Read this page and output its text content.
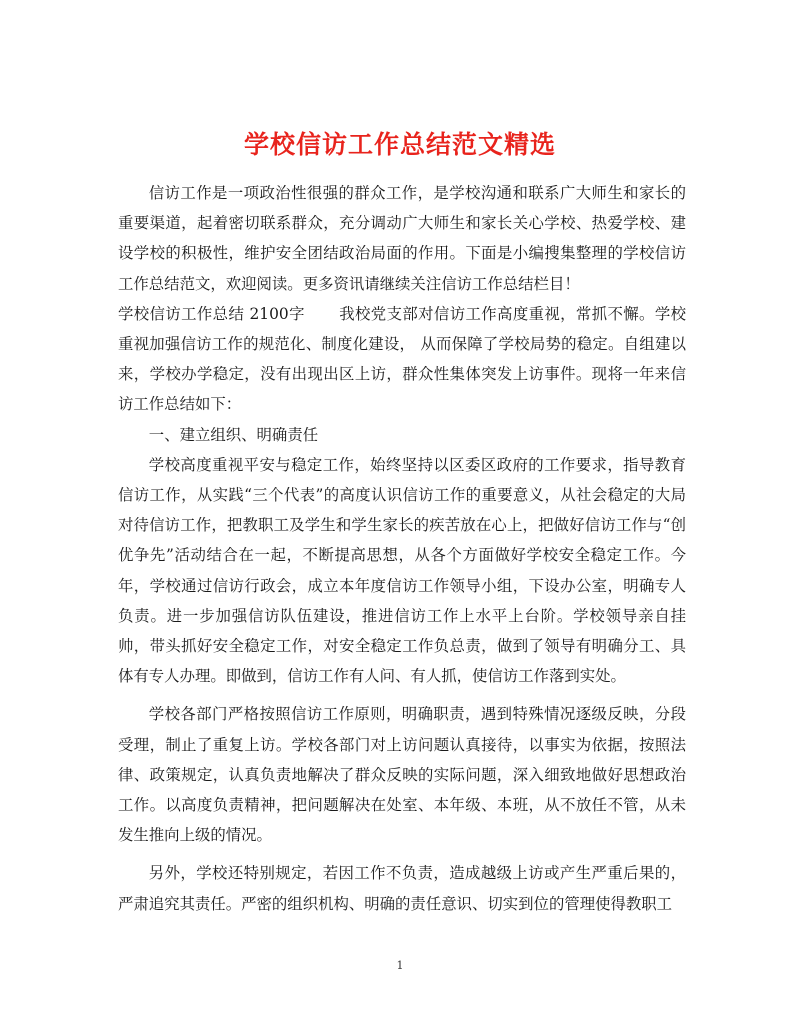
学校信访工作总结范文精选

信访工作是一项政治性很强的群众工作，是学校沟通和联系广大师生和家长的重要渠道，起着密切联系群众，充分调动广大师生和家长关心学校、热爱学校、建设学校的积极性，维护安全团结政治局面的作用。下面是小编搜集整理的学校信访工作总结范文，欢迎阅读。更多资讯请继续关注信访工作总结栏目！

学校信访工作总结 2100字 我校党支部对信访工作高度重视，常抓不懈。学校重视加强信访工作的规范化、制度化建设， 从而保障了学校局势的稳定。自组建以来，学校办学稳定，没有出现出区上访，群众性集体突发上访事件。现将一年来信访工作总结如下：

一、建立组织、明确责任

学校高度重视平安与稳定工作，始终坚持以区委区政府的工作要求，指导教育信访工作，从实践“三个代表”的高度认识信访工作的重要意义，从社会稳定的大局对待信访工作，把教职工及学生和学生家长的疾苦放在心上，把做好信访工作与“创优争先”活动结合在一起，不断提高思想，从各个方面做好学校安全稳定工作。今年，学校通过信访行政会，成立本年度信访工作领导小组，下设办公室，明确专人负责。进一步加强信访队伍建设，推进信访工作上水平上台阶。学校领导亲自挂帅，带头抓好安全稳定工作，对安全稳定工作负总责，做到了领导有明确分工、具体有专人办理。即做到，信访工作有人问、有人抓，使信访工作落到实处。

学校各部门严格按照信访工作原则，明确职责，遇到特殊情况逐级反映，分段受理，制止了重复上访。学校各部门对上访问题认真接待，以事实为依据，按照法律、政策规定，认真负责地解决了群众反映的实际问题，深入细致地做好思想政治工作。以高度负责精神，把问题解决在处室、本年级、本班，从不放任不管，从未发生推向上级的情况。

另外，学校还特别规定，若因工作不负责，造成越级上访或产生严重后果的，严肃追究其责任。严密的组织机构、明确的责任意识、切实到位的管理使得教职工

1
